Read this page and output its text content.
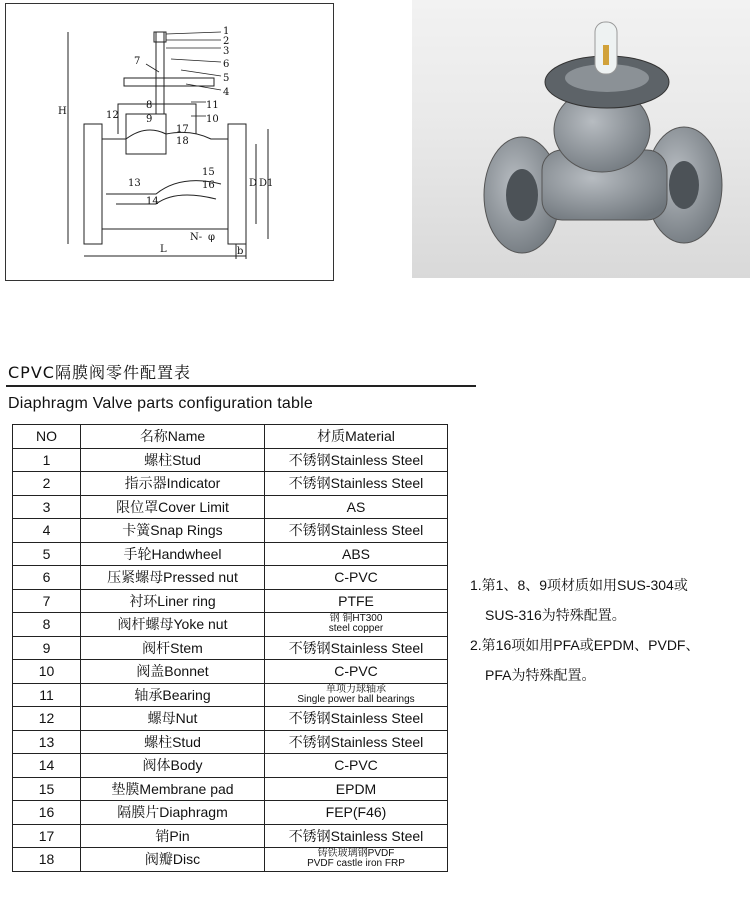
1
2
3
6
5
4
7
8
9
11
10
12
17
18
13
15
16
14
H
L
D D1
N- φ
b
CPVC隔膜阀零件配置表
Diaphragm Valve parts configuration table
NO	名称Name	材质Material
1	螺柱Stud	不锈钢Stainless Steel
2	指示器Indicator	不锈钢Stainless Steel
3	限位罩Cover Limit	AS
4	卡簧Snap Rings	不锈钢Stainless Steel
5	手轮Handwheel	ABS
6	压紧螺母Pressed nut	C-PVC
7	衬环Liner ring	PTFE
8	阀杆螺母Yoke nut	钢 铜HT300
steel copper

9	阀杆Stem	不锈钢Stainless Steel
10	阀盖Bonnet	C-PVC
11	轴承Bearing	单项力球轴承
Single power ball bearings

12	螺母Nut	不锈钢Stainless Steel
13	螺柱Stud	不锈钢Stainless Steel
14	阀体Body	C-PVC
15	垫膜Membrane pad	EPDM
16	隔膜片Diaphragm	FEP(F46)
17	销Pin	不锈钢Stainless Steel
18	阀瓣Disc	铸铁玻璃钢PVDF
PVDF castle iron FRP
1.第1、8、9项材质如用SUS-304或
SUS-316为特殊配置。
2.第16项如用PFA或EPDM、PVDF、
PFA为特殊配置。
